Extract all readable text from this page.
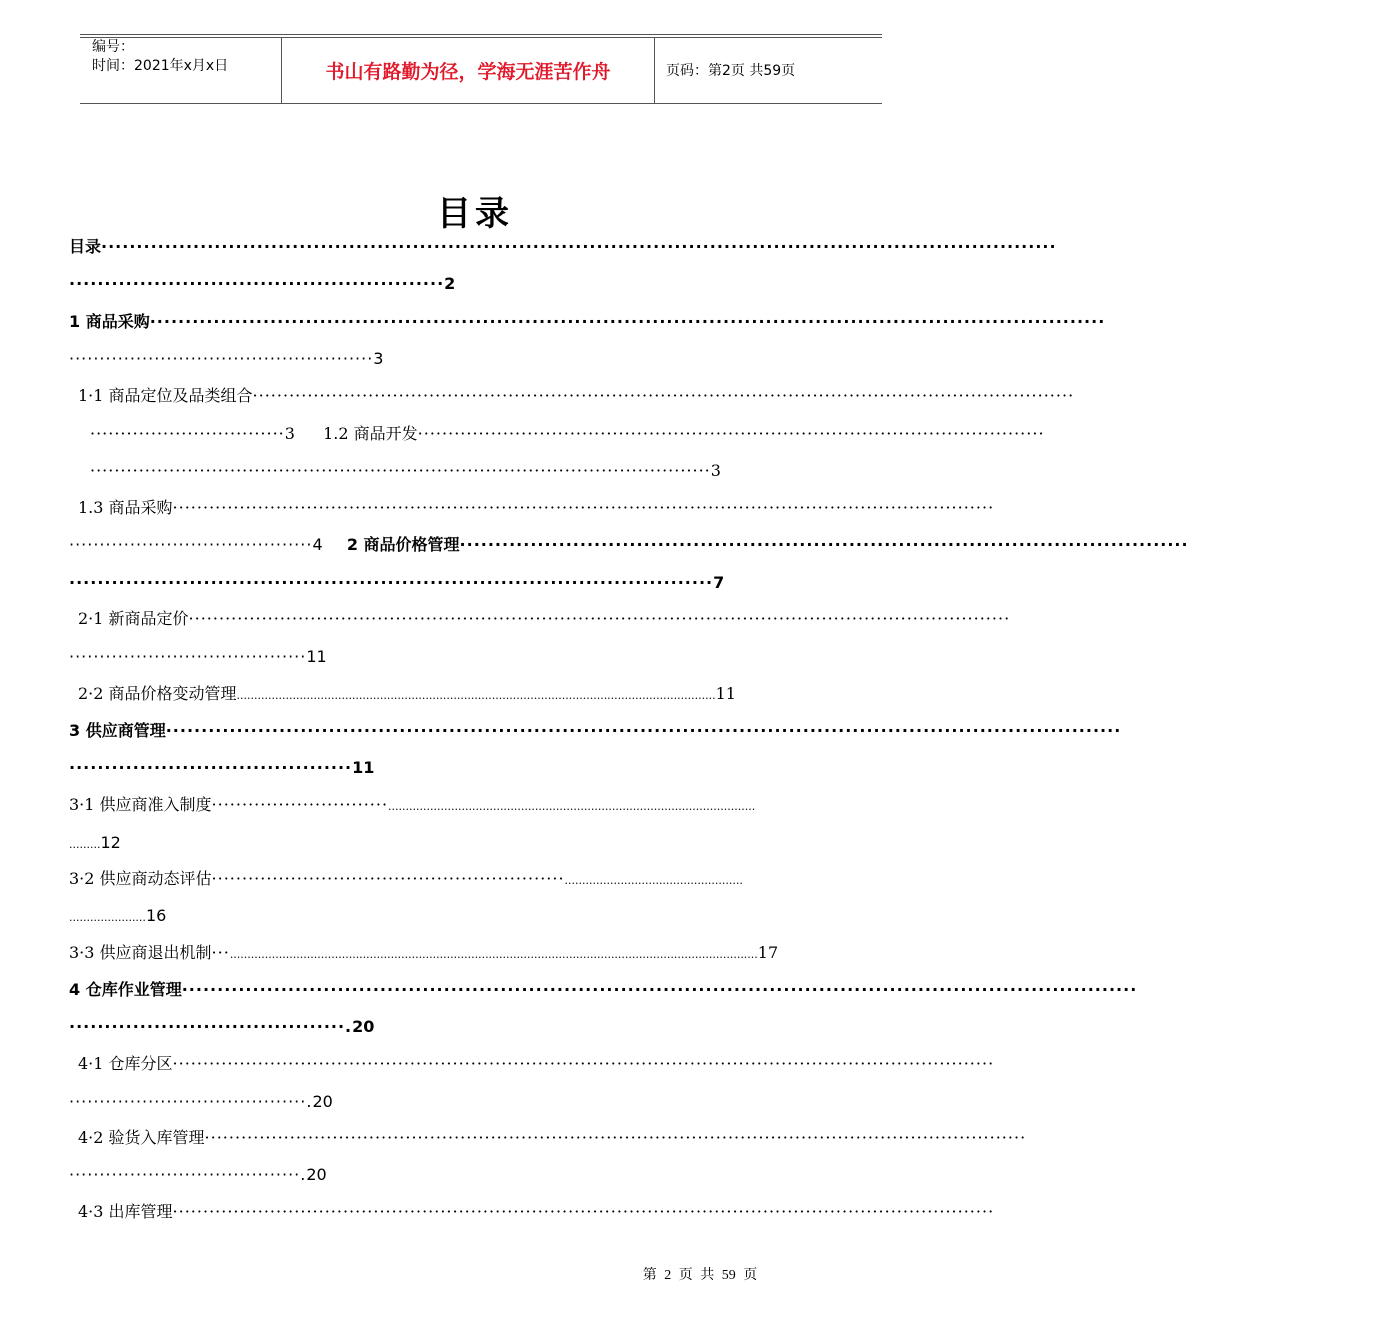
编号：
时间：2021年x月x日	书山有路勤为径，学海无涯苦作舟	页码：第2页 共59页
目录
目录·······································································································································
·····················································2
1 商品采购·······································································································································
··················································3
1·1 商品定位及品类组合·······································································································································
································3 1.2 商品开发·······································································································
······································································································3
1.3 商品采购·······································································································································
········································4 2 商品价格管理·······································································································
···························································································7
2·1 新商品定价·······································································································································
·······································11
2·2 商品价格变动管理.........................................................................................................................................11
3 供应商管理·······································································································································
········································11
3·1 供应商准入制度·····························.........................................................................................................
.........12
3·2 供应商动态评估··························································...................................................
......................16
3·3 供应商退出机制···.......................................................................................................................................................17
4 仓库作业管理·······································································································································
·······································.20
4·1 仓库分区·······································································································································
·······································.20
4·2 验货入库管理·······································································································································
······································.20
4·3 出库管理·······································································································································
第 2 页 共 59 页
